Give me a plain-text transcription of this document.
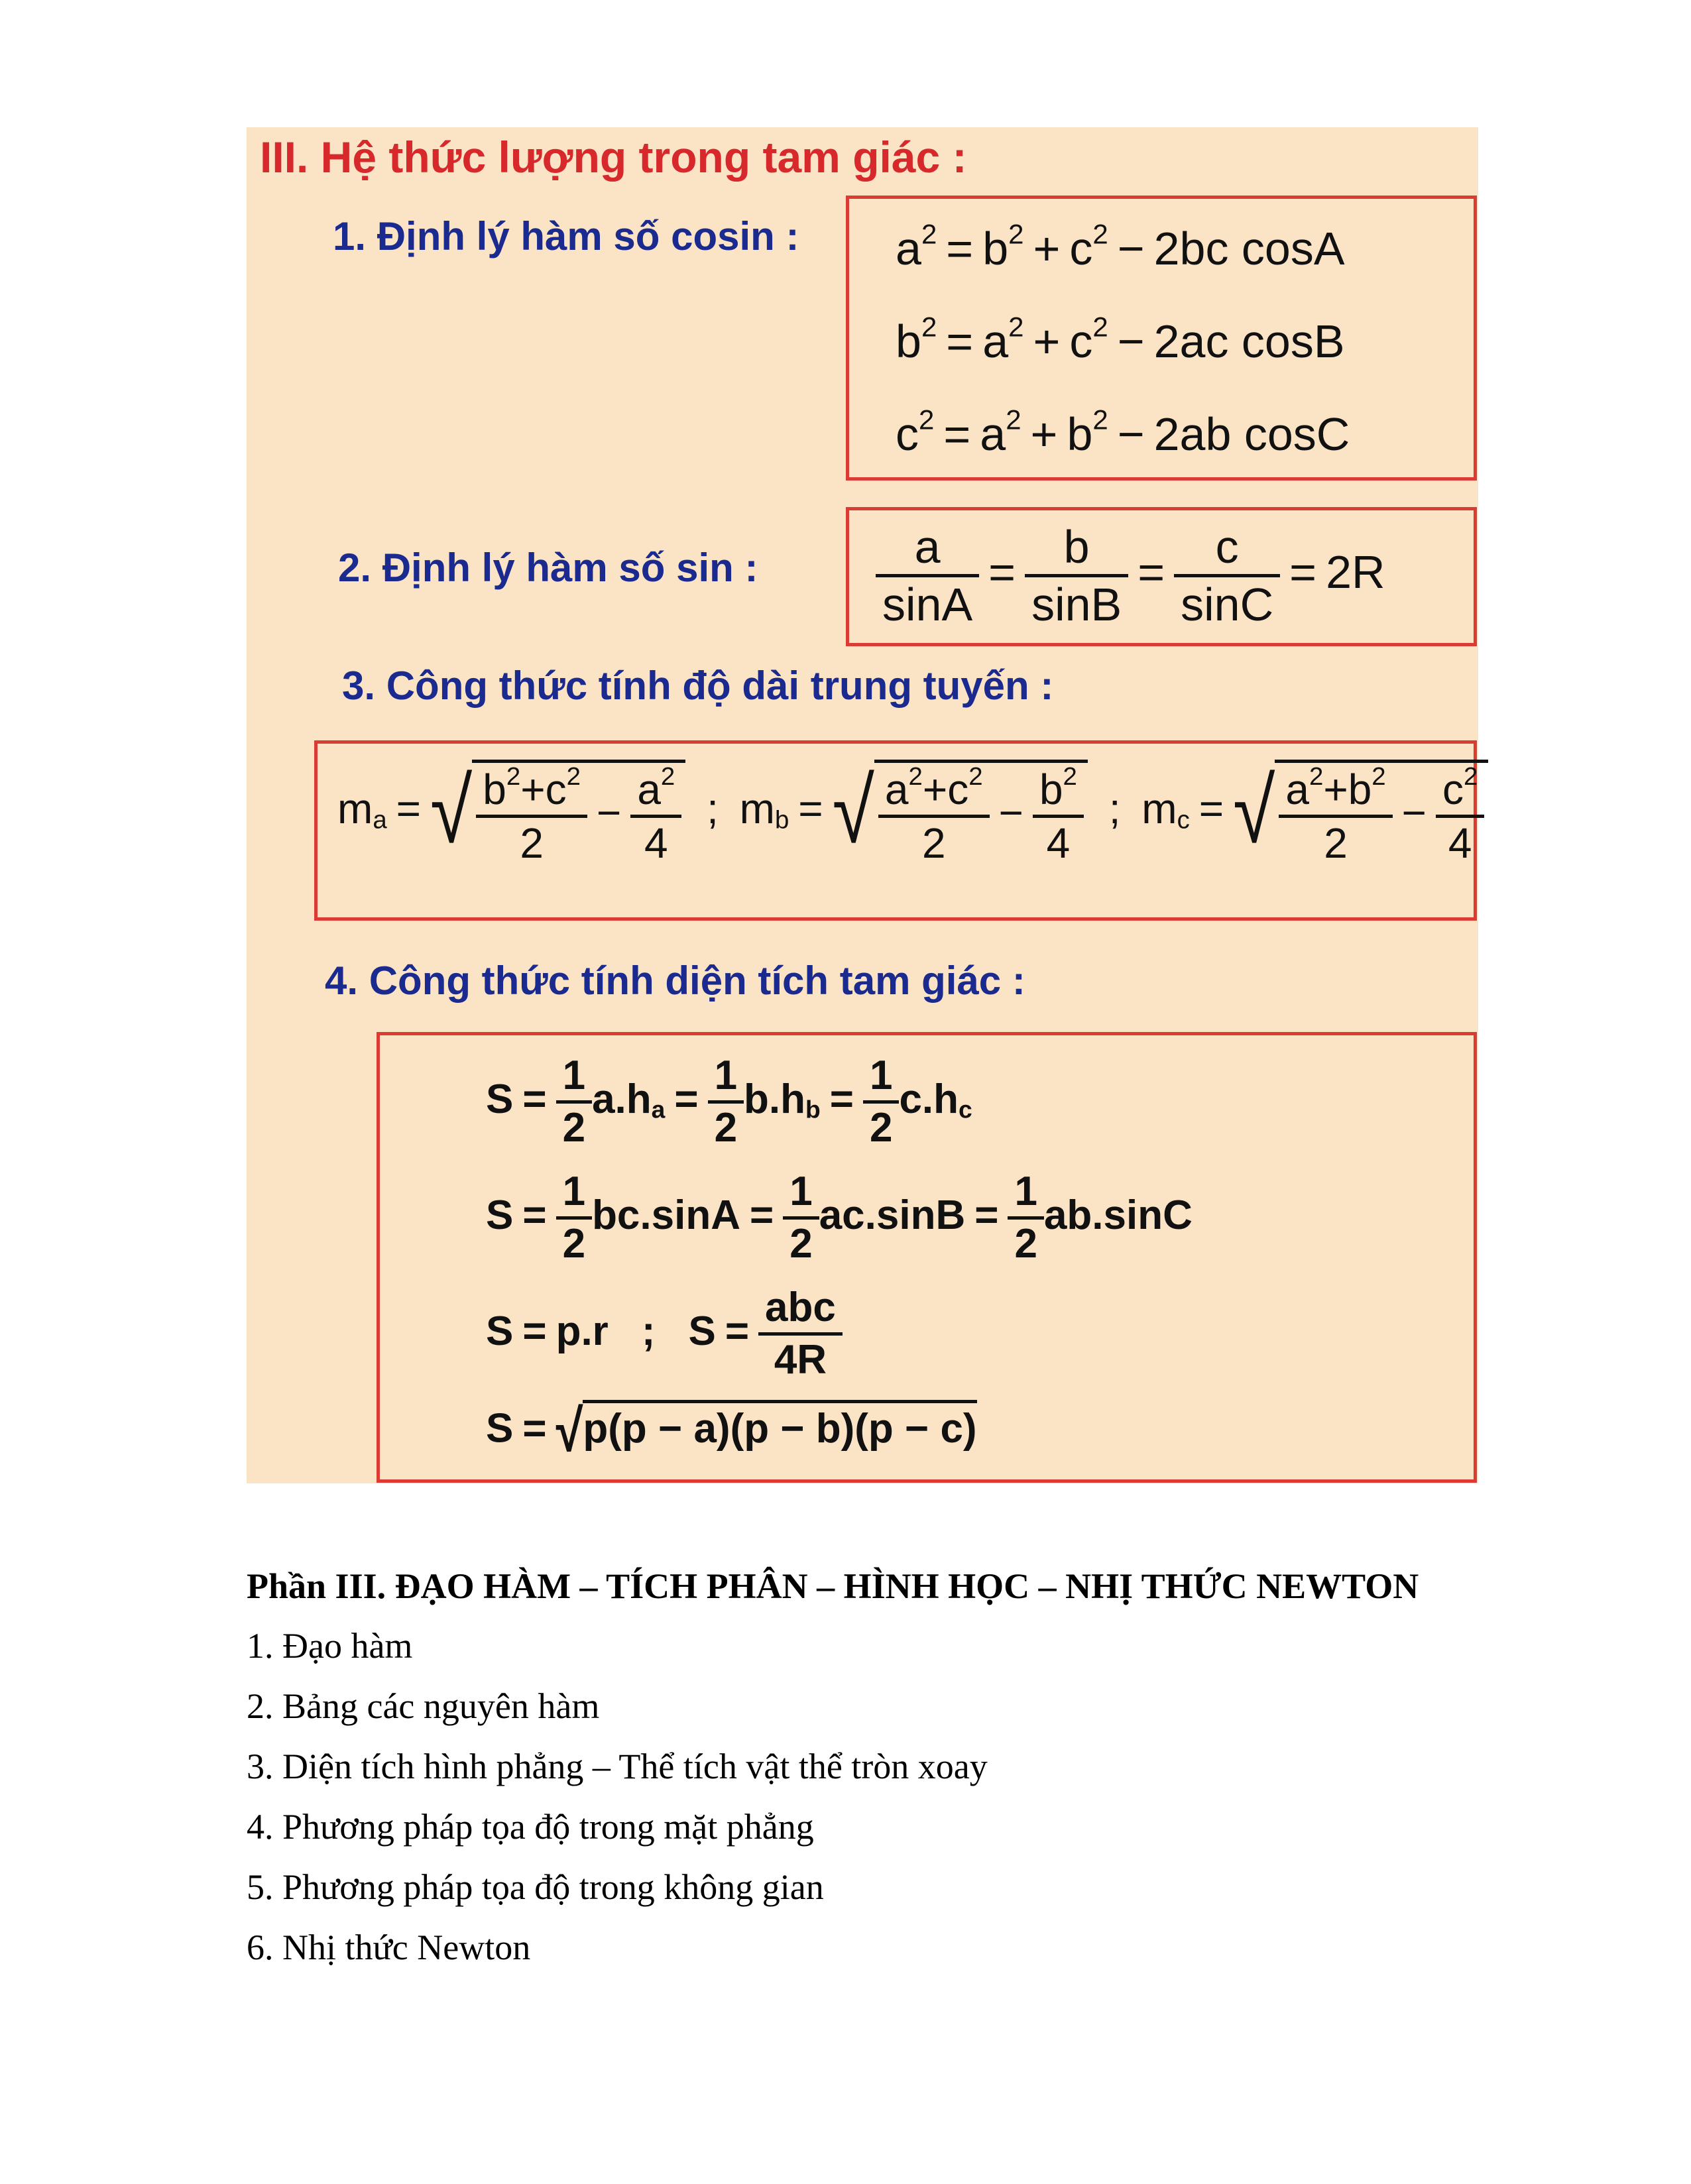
III. Hệ thức lượng trong tam giác :
1. Định lý hàm số cosin : $a^2 = b^2 + c^2 - 2bc$ cosA
$b^2 = a^2 + c^2 - 2ac$ cosB
$c^2 = a^2 + b^2 - 2ab$ cosC
2. Định lý hàm số sin :	$\frac{a}{\sin A} = \frac{b}{\sin B} = \frac{c}{\sin C} = 2R$
3. Công thức tính độ dài trung tuyến :
$m_a$ = √ $\frac{b^2+c^2}{2} - \frac{a^2}{4}$ ; $m_b$ = √ $\frac{a^2+c^2}{2} - \frac{b^2}{4}$ ; $m_c$ = √ $\frac{a^2+b^2}{2} - \frac{c^2}{4}$
4. Công thức tính diện tích tam giác :
$S = \frac{1}{2} a.h_a = \frac{1}{2} b.h_b = \frac{1}{2} c.h_c$
$S = \frac{1}{2} bc.\sin A = \frac{1}{2} ac.\sin B = \frac{1}{2} ab.\sin C$
S = p.r ; S =
abc
4R
S = √p(p − a)(p − b)(p − c)
Phần III. ĐẠO HÀM – TÍCH PHÂN – HÌNH HỌC – NHỊ THỨC NEWTON
1. Đạo hàm
2. Bảng các nguyên hàm
3. Diện tích hình phẳng – Thể tích vật thể tròn xoay
4. Phương pháp tọa độ trong mặt phẳng
5. Phương pháp tọa độ trong không gian
6. Nhị thức Newton
